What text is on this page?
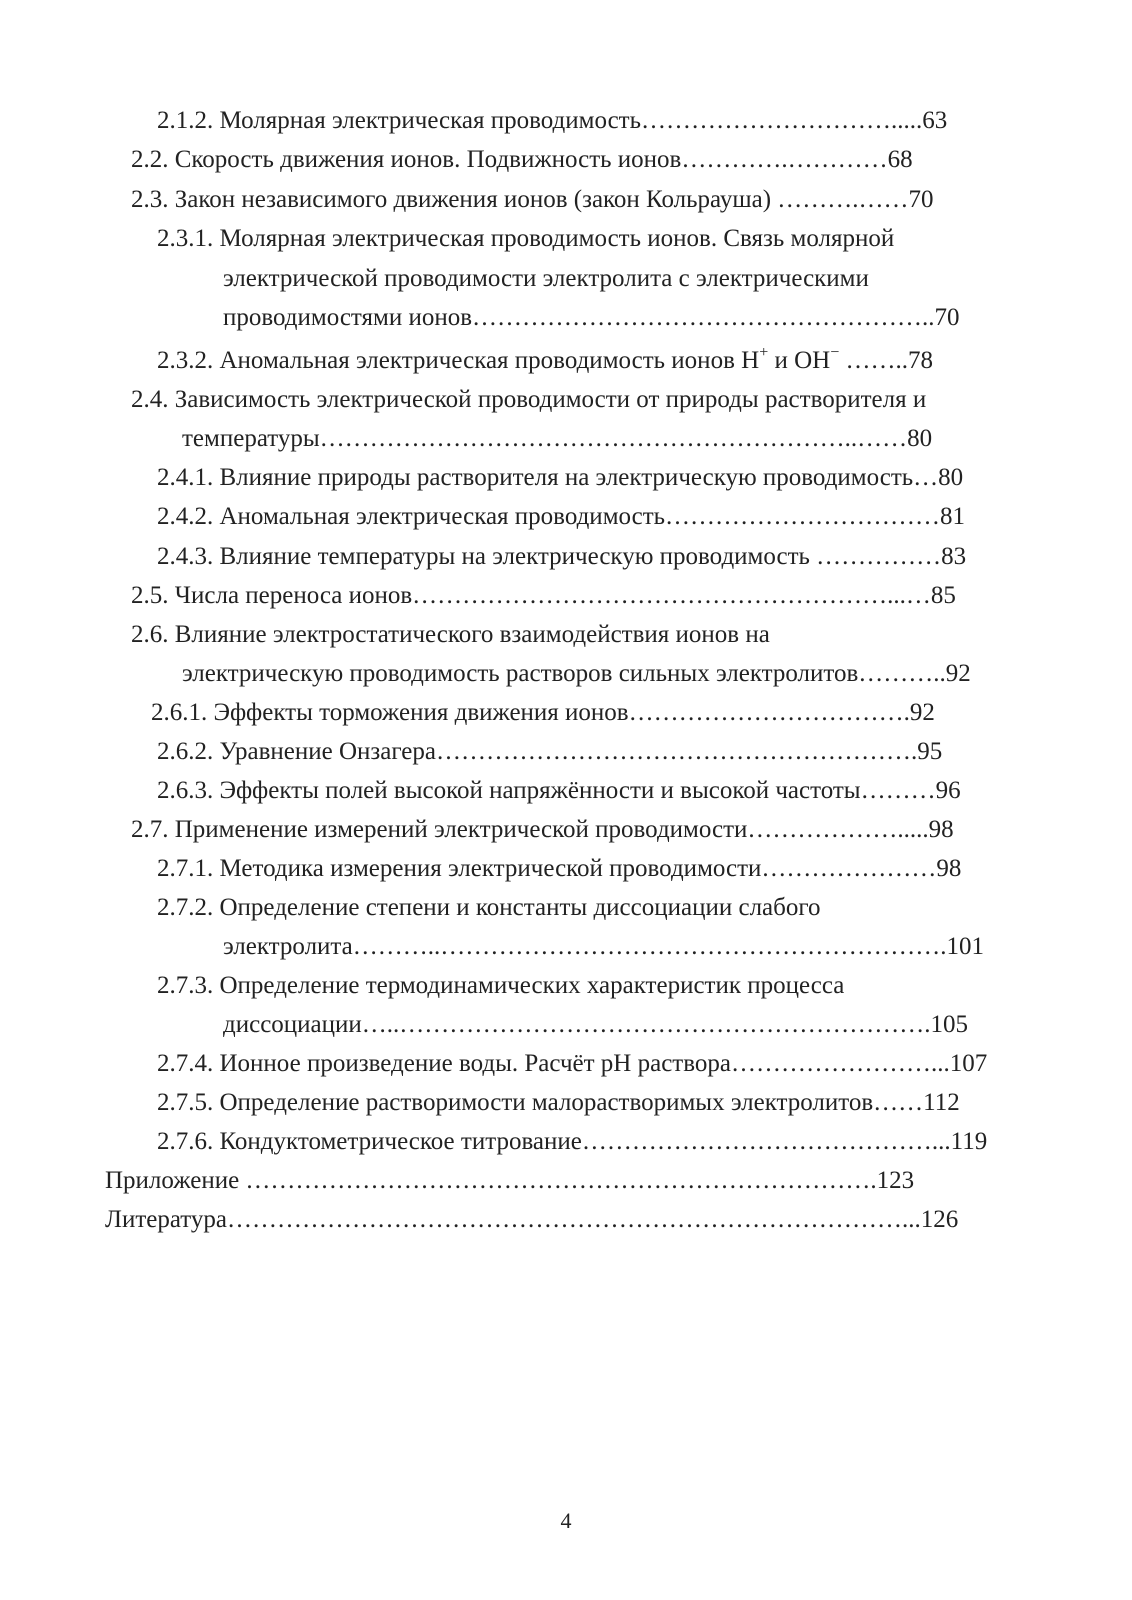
2.1.2. Молярная электрическая проводимость………………………….....63
2.2. Скорость движения ионов. Подвижность ионов………….…………68
2.3. Закон независимого движения ионов (закон Кольрауша) ……….……70
2.3.1. Молярная электрическая проводимость ионов. Связь молярной
электрической проводимости электролита с электрическими
проводимостями ионов………………………………………………..70
2.3.2. Аномальная электрическая проводимость ионов H+ и OH− ……..78
2.4. Зависимость электрической проводимости от природы растворителя и
температуры………………………………………………………..……80
2.4.1. Влияние природы растворителя на электрическую проводимость…80
2.4.2. Аномальная электрическая проводимость……………………………81
2.4.3. Влияние температуры на электрическую проводимость ……………83
2.5. Числа переноса ионов…………………………………………………...…85
2.6. Влияние электростатического взаимодействия ионов на
электрическую проводимость растворов сильных электролитов………..92
2.6.1. Эффекты торможения движения ионов…………………………….92
2.6.2. Уравнение Онзагера………………………………………………….95
2.6.3. Эффекты полей высокой напряжённости и высокой частоты………96
2.7. Применение измерений электрической проводимости……………….....98
2.7.1. Методика измерения электрической проводимости…………………98
2.7.2. Определение степени и константы диссоциации слабого
электролита………..…………………………………………………….101
2.7.3. Определение термодинамических характеристик процесса
диссоциации…..……………………………………………………….105
2.7.4. Ионное произведение воды. Расчёт pH раствора……………………...107
2.7.5. Определение растворимости малорастворимых электролитов……112
2.7.6. Кондуктометрическое титрование……………………………………...119
Приложение ………………………………………………………………….123
Литература………………………………………………………………………...126
4
